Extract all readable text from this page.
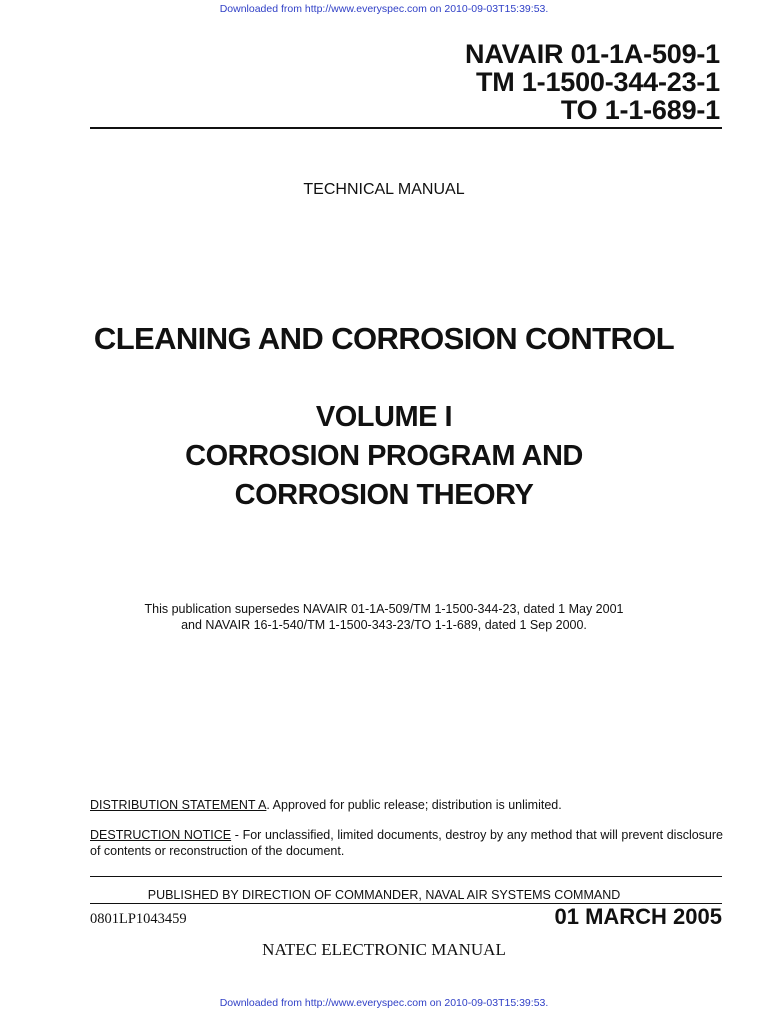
Downloaded from http://www.everyspec.com on 2010-09-03T15:39:53.
NAVAIR 01-1A-509-1
TM 1-1500-344-23-1
TO 1-1-689-1
TECHNICAL MANUAL
CLEANING AND CORROSION CONTROL
VOLUME I
CORROSION PROGRAM AND
CORROSION THEORY
This publication supersedes NAVAIR 01-1A-509/TM 1-1500-344-23, dated 1 May 2001
and NAVAIR 16-1-540/TM 1-1500-343-23/TO 1-1-689, dated 1 Sep 2000.
DISTRIBUTION STATEMENT A. Approved for public release; distribution is unlimited.
DESTRUCTION NOTICE - For unclassified, limited documents, destroy by any method that will prevent disclosure of contents or reconstruction of the document.
PUBLISHED BY DIRECTION OF COMMANDER, NAVAL AIR SYSTEMS COMMAND
0801LP1043459	01 MARCH 2005
NATEC ELECTRONIC MANUAL
Downloaded from http://www.everyspec.com on 2010-09-03T15:39:53.
